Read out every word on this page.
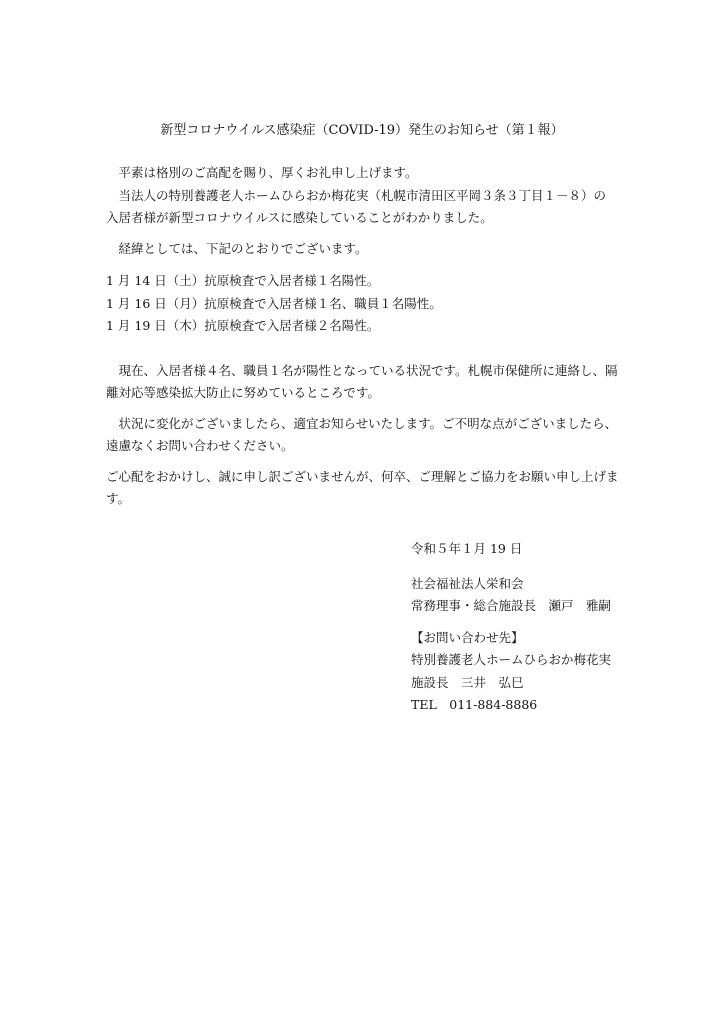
新型コロナウイルス感染症（COVID-19）発生のお知らせ（第１報）

平素は格別のご高配を賜り、厚くお礼申し上げます。

当法人の特別養護老人ホームひらおか梅花実（札幌市清田区平岡３条３丁目１－８）の

入居者様が新型コロナウイルスに感染していることがわかりました。

経緯としては、下記のとおりでございます。

1 月 14 日（土）抗原検査で入居者様１名陽性。

1 月 16 日（月）抗原検査で入居者様１名、職員１名陽性。

1 月 19 日（木）抗原検査で入居者様２名陽性。

現在、入居者様４名、職員１名が陽性となっている状況です。札幌市保健所に連絡し、隔

離対応等感染拡大防止に努めているところです。

状況に変化がございましたら、適宜お知らせいたします。ご不明な点がございましたら、

遠慮なくお問い合わせください。

ご心配をおかけし、誠に申し訳ございませんが、何卒、ご理解とご協力をお願い申し上げま

す。

令和５年１月 19 日

社会福祉法人栄和会

常務理事・総合施設長　瀬戸　雅嗣

【お問い合わせ先】

特別養護老人ホームひらおか梅花実

施設長　三井　弘巳

TEL　011-884-8886
